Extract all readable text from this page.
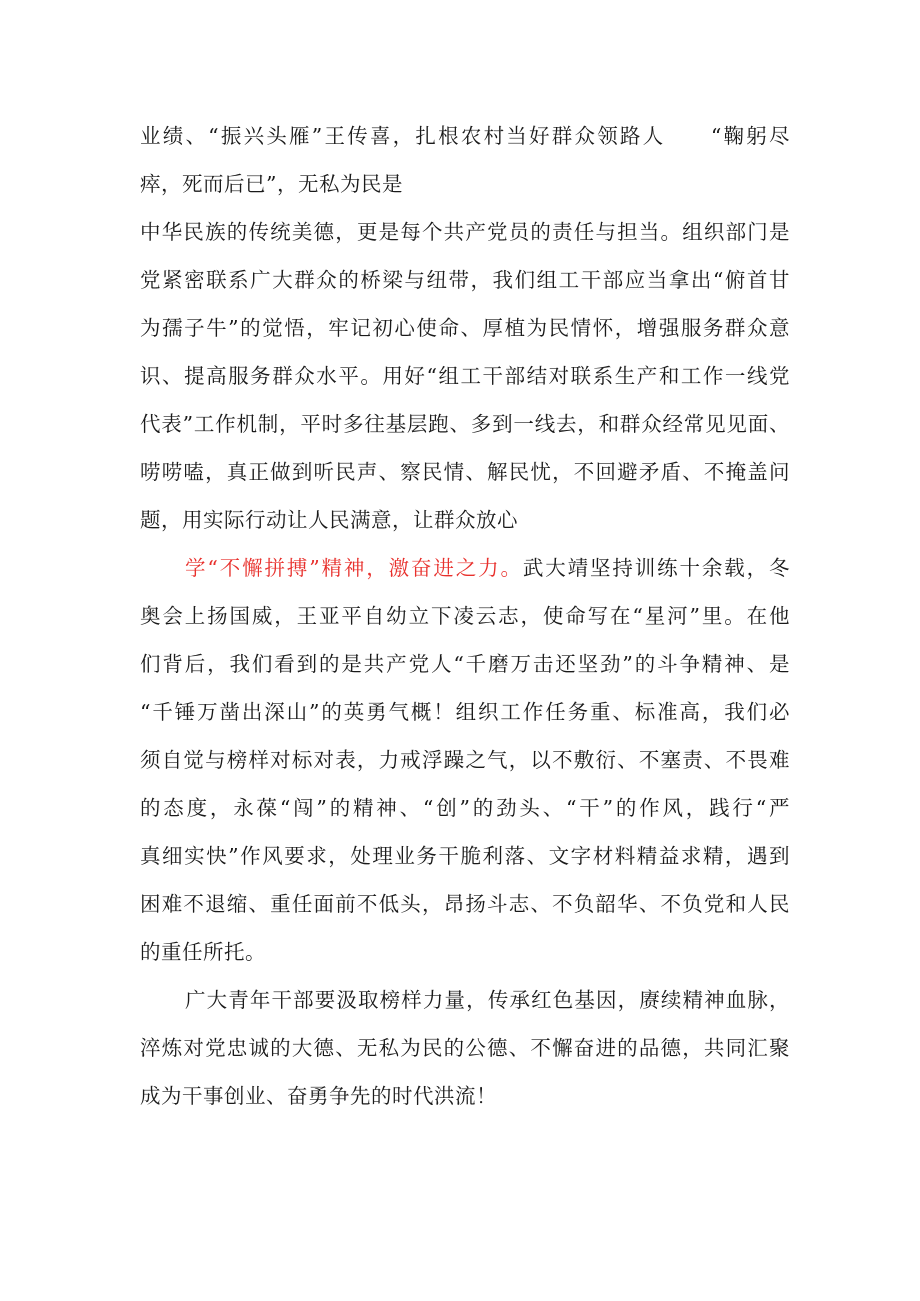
业绩、“振兴头雁”王传喜，扎根农村当好群众领路人　　“鞠躬尽
瘁，死而后已”，无私为民是
中华民族的传统美德，更是每个共产党员的责任与担当。组织部门是
党紧密联系广大群众的桥梁与纽带，我们组工干部应当拿出“俯首甘
为孺子牛”的觉悟，牢记初心使命、厚植为民情怀，增强服务群众意
识、提高服务群众水平。用好“组工干部结对联系生产和工作一线党
代表”工作机制，平时多往基层跑、多到一线去，和群众经常见见面、
唠唠嗑，真正做到听民声、察民情、解民忧，不回避矛盾、不掩盖问
题，用实际行动让人民满意，让群众放心
学“不懈拼搏”精神，激奋进之力。武大靖坚持训练十余载，冬
奥会上扬国威，王亚平自幼立下凌云志，使命写在“星河”里。在他
们背后，我们看到的是共产党人“千磨万击还坚劲”的斗争精神、是
“千锤万凿出深山”的英勇气概！组织工作任务重、标准高，我们必
须自觉与榜样对标对表，力戒浮躁之气，以不敷衍、不塞责、不畏难
的态度，永葆“闯”的精神、“创”的劲头、“干”的作风，践行“严
真细实快”作风要求，处理业务干脆利落、文字材料精益求精，遇到
困难不退缩、重任面前不低头，昂扬斗志、不负韶华、不负党和人民
的重任所托。
广大青年干部要汲取榜样力量，传承红色基因，赓续精神血脉，
淬炼对党忠诚的大德、无私为民的公德、不懈奋进的品德，共同汇聚
成为干事创业、奋勇争先的时代洪流！
